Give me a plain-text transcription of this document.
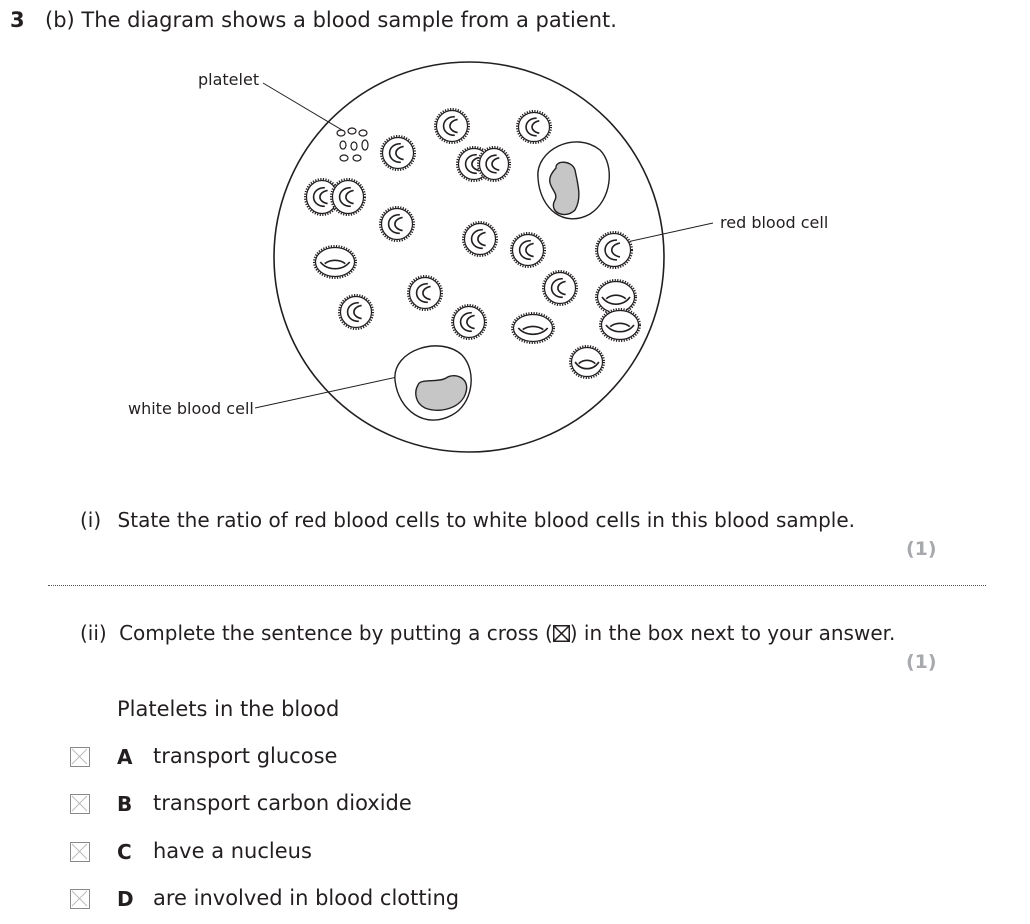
3 (b) The diagram shows a blood sample from a patient.
platelet
red blood cell
white blood cell
(i) State the ratio of red blood cells to white blood cells in this blood sample.
(1)
(ii) Complete the sentence by putting a cross (☒) in the box next to your answer.
(1)
Platelets in the blood
A transport glucose
B transport carbon dioxide
C have a nucleus
D are involved in blood clotting
